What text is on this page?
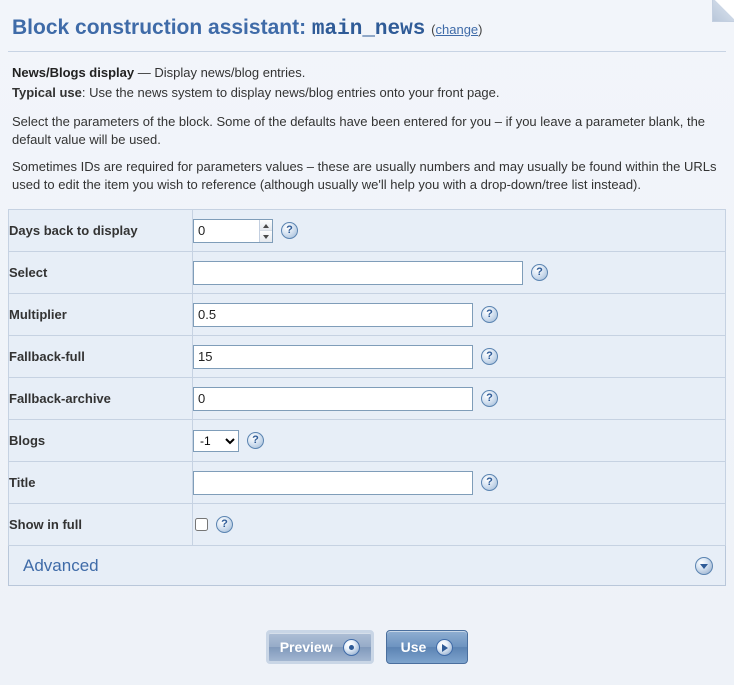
Block construction assistant: main_news (change)

News/Blogs display — Display news/blog entries.

Typical use: Use the news system to display news/blog entries onto your front page.

Select the parameters of the block. Some of the defaults have been entered for you – if you leave a parameter blank, the default value will be used.

Sometimes IDs are required for parameters values – these are usually numbers and may usually be found within the URLs used to edit the item you wish to reference (although usually we'll help you with a drop-down/tree list instead).

Days back to display	
0?

Select	?

Multiplier	
0.5?

Fallback-full	
15?

Fallback-archive	
0?

Blogs	
-1?

Title	?

Show in full	?
Advanced
Preview	Use
